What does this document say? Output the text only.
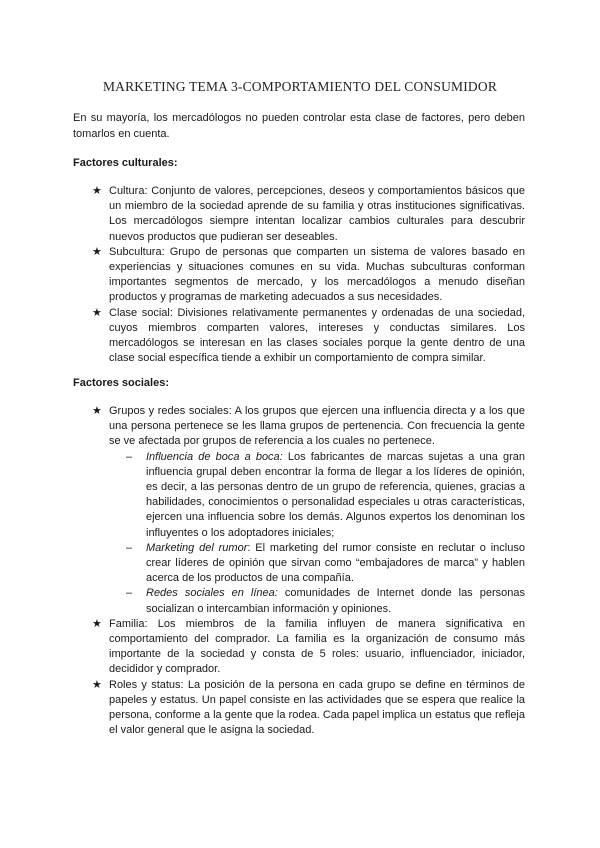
MARKETING TEMA 3-COMPORTAMIENTO DEL CONSUMIDOR
En su mayoría, los mercadólogos no pueden controlar esta clase de factores, pero deben tomarlos en cuenta.
Factores culturales:
★ Cultura: Conjunto de valores, percepciones, deseos y comportamientos básicos que un miembro de la sociedad aprende de su familia y otras instituciones significativas. Los mercadólogos siempre intentan localizar cambios culturales para descubrir nuevos productos que pudieran ser deseables.
★ Subcultura: Grupo de personas que comparten un sistema de valores basado en experiencias y situaciones comunes en su vida. Muchas subculturas conforman importantes segmentos de mercado, y los mercadólogos a menudo diseñan productos y programas de marketing adecuados a sus necesidades.
★ Clase social: Divisiones relativamente permanentes y ordenadas de una sociedad, cuyos miembros comparten valores, intereses y conductas similares. Los mercadólogos se interesan en las clases sociales porque la gente dentro de una clase social específica tiende a exhibir un comportamiento de compra similar.
Factores sociales:
★ Grupos y redes sociales: A los grupos que ejercen una influencia directa y a los que una persona pertenece se les llama grupos de pertenencia. Con frecuencia la gente se ve afectada por grupos de referencia a los cuales no pertenece.
– Influencia de boca a boca: Los fabricantes de marcas sujetas a una gran influencia grupal deben encontrar la forma de llegar a los líderes de opinión, es decir, a las personas dentro de un grupo de referencia, quienes, gracias a habilidades, conocimientos o personalidad especiales u otras características, ejercen una influencia sobre los demás. Algunos expertos los denominan los influyentes o los adoptadores iniciales;
– Marketing del rumor: El marketing del rumor consiste en reclutar o incluso crear líderes de opinión que sirvan como “embajadores de marca” y hablen acerca de los productos de una compañía.
– Redes sociales en línea: comunidades de Internet donde las personas socializan o intercambian información y opiniones.
★ Familia: Los miembros de la familia influyen de manera significativa en comportamiento del comprador. La familia es la organización de consumo más importante de la sociedad y consta de 5 roles: usuario, influenciador, iniciador, decididor y comprador.
★ Roles y status: La posición de la persona en cada grupo se define en términos de papeles y estatus. Un papel consiste en las actividades que se espera que realice la persona, conforme a la gente que la rodea. Cada papel implica un estatus que refleja el valor general que le asigna la sociedad.
